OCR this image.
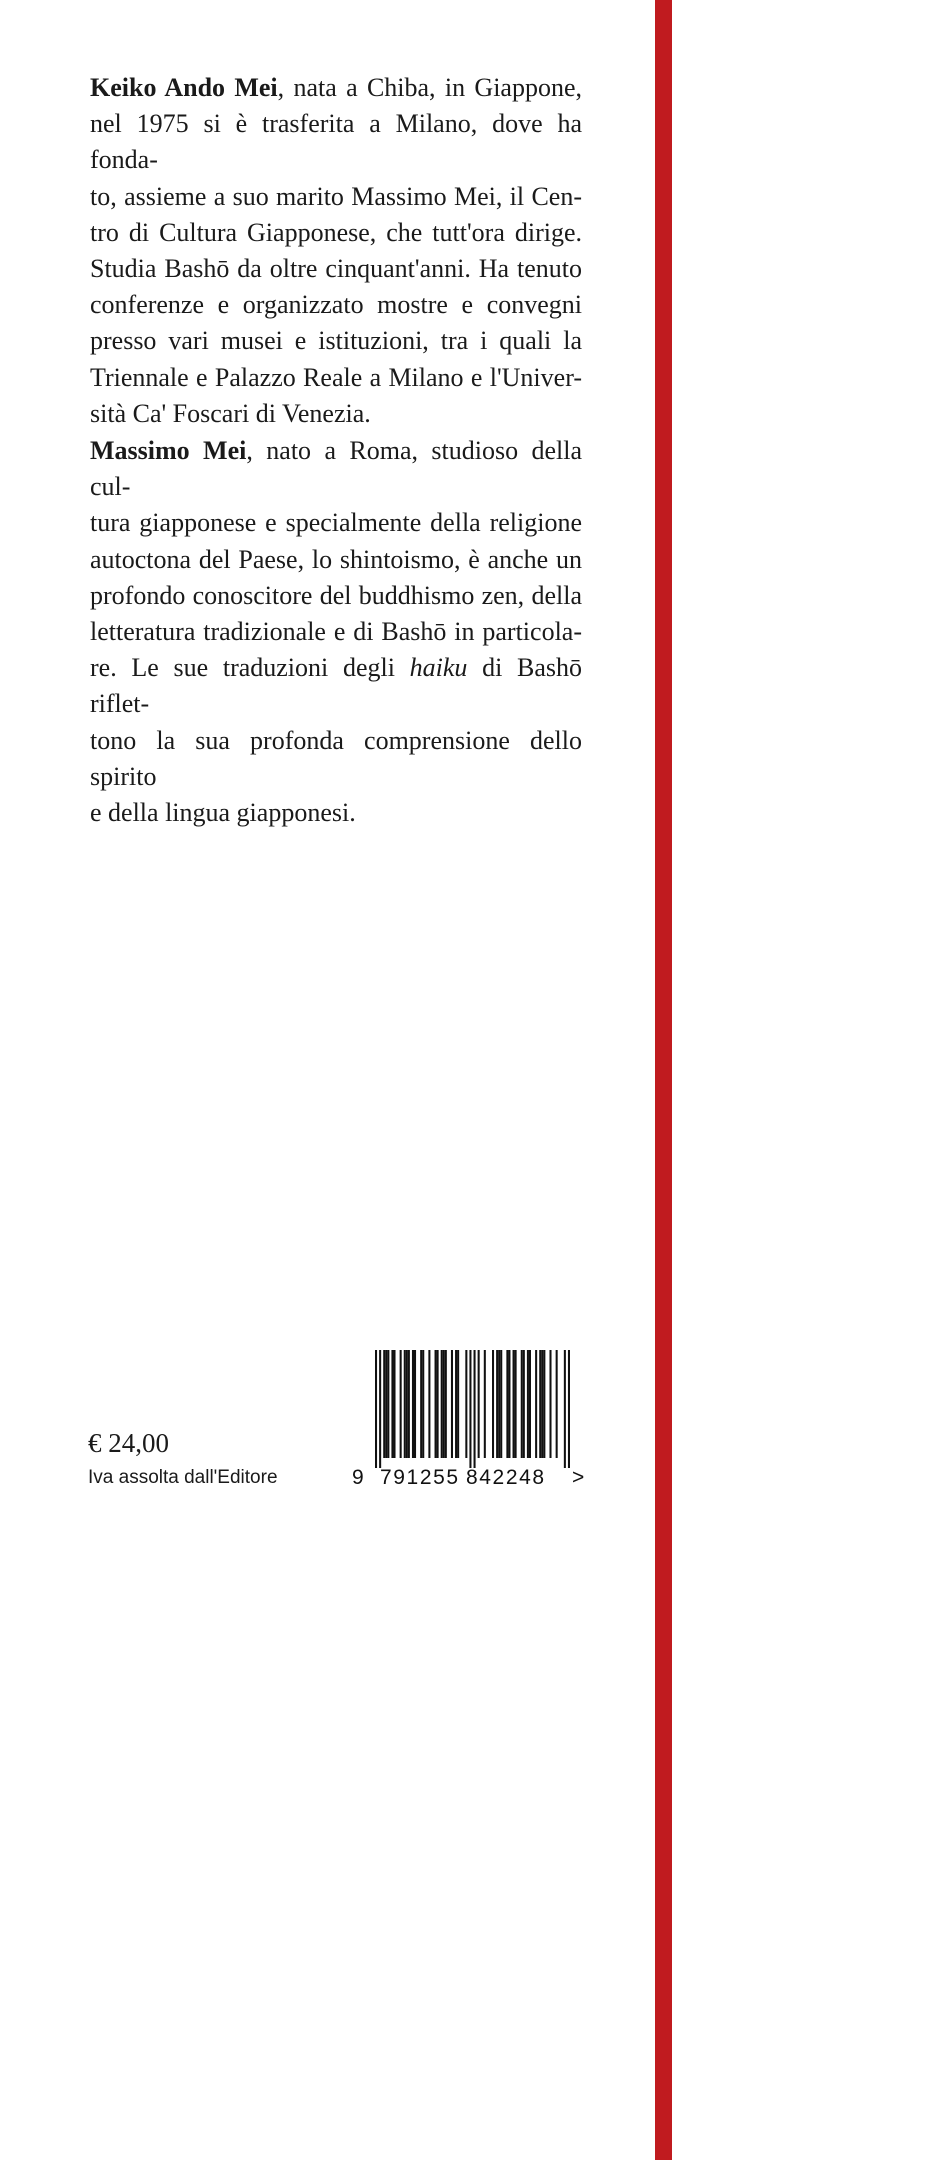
Keiko Ando Mei, nata a Chiba, in Giappone,
nel 1975 si è trasferita a Milano, dove ha fonda-
to, assieme a suo marito Massimo Mei, il Cen-
tro di Cultura Giapponese, che tutt'ora dirige.
Studia Bashō da oltre cinquant'anni. Ha tenuto
conferenze e organizzato mostre e convegni
presso vari musei e istituzioni, tra i quali la
Triennale e Palazzo Reale a Milano e l'Univer-
sità Ca' Foscari di Venezia.
Massimo Mei, nato a Roma, studioso della cul-
tura giapponese e specialmente della religione
autoctona del Paese, lo shintoismo, è anche un
profondo conoscitore del buddhismo zen, della
letteratura tradizionale e di Bashō in particola-
re. Le sue traduzioni degli haiku di Bashō riflet-
tono la sua profonda comprensione dello spirito
e della lingua giapponesi.

€ 24,00

Iva assolta dall'Editore	9 791255 842248 >
